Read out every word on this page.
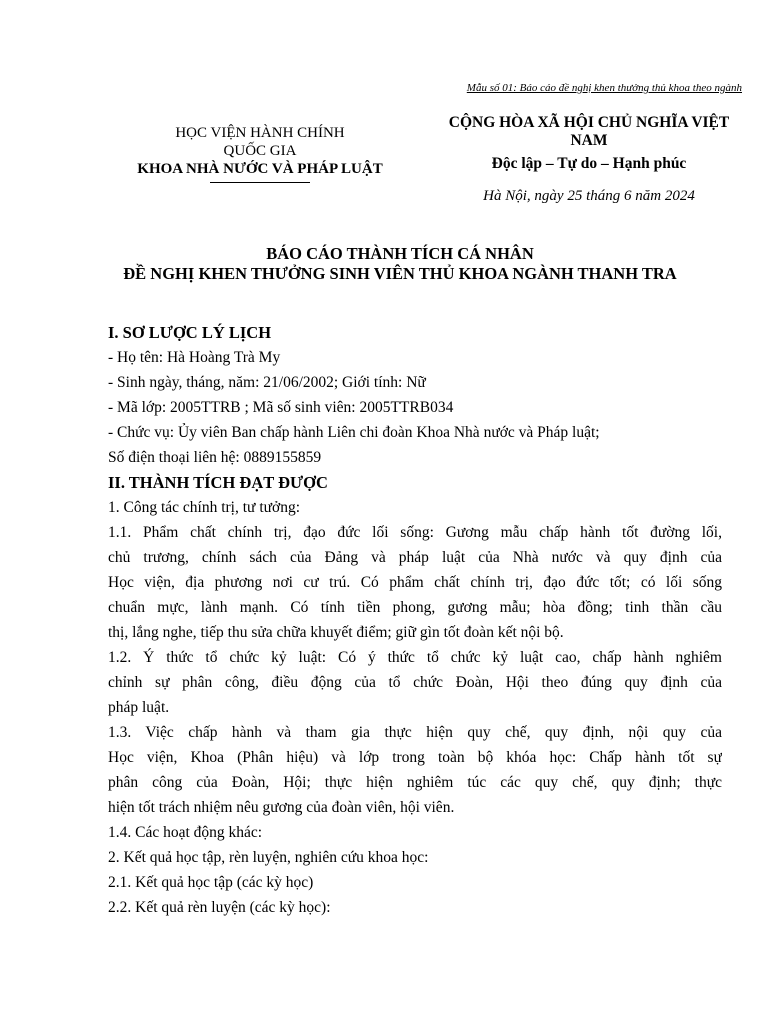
Mẫu số 01: Báo cáo đề nghị khen thưởng thủ khoa theo ngành
HỌC VIỆN HÀNH CHÍNH
QUỐC GIA
KHOA NHÀ NƯỚC VÀ PHÁP LUẬT
CỘNG HÒA XÃ HỘI CHỦ NGHĨA VIỆT
NAM
Độc lập – Tự do – Hạnh phúc
Hà Nội, ngày 25 tháng 6 năm 2024
BÁO CÁO THÀNH TÍCH CÁ NHÂN
ĐỀ NGHỊ KHEN THƯỞNG SINH VIÊN THỦ KHOA NGÀNH THANH TRA
I. SƠ LƯỢC LÝ LỊCH
- Họ tên: Hà Hoàng Trà My
- Sinh ngày, tháng, năm: 21/06/2002; Giới tính: Nữ
- Mã lớp: 2005TTRB ; Mã số sinh viên: 2005TTRB034
- Chức vụ: Ủy viên Ban chấp hành Liên chi đoàn Khoa Nhà nước và Pháp luật;
Số điện thoại liên hệ: 0889155859
II. THÀNH TÍCH ĐẠT ĐƯỢC
1. Công tác chính trị, tư tưởng:
1.1. Phẩm chất chính trị, đạo đức lối sống: Gương mẫu chấp hành tốt đường lối,
chủ trương, chính sách của Đảng và pháp luật của Nhà nước và quy định của
Học viện, địa phương nơi cư trú. Có phẩm chất chính trị, đạo đức tốt; có lối sống
chuẩn mực, lành mạnh. Có tính tiền phong, gương mẫu; hòa đồng; tinh thần cầu
thị, lắng nghe, tiếp thu sửa chữa khuyết điểm; giữ gìn tốt đoàn kết nội bộ.
1.2. Ý thức tổ chức kỷ luật: Có ý thức tổ chức kỷ luật cao, chấp hành nghiêm
chỉnh sự phân công, điều động của tổ chức Đoàn, Hội theo đúng quy định của
pháp luật.
1.3. Việc chấp hành và tham gia thực hiện quy chế, quy định, nội quy của
Học viện, Khoa (Phân hiệu) và lớp trong toàn bộ khóa học: Chấp hành tốt sự
phân công của Đoàn, Hội; thực hiện nghiêm túc các quy chế, quy định; thực
hiện tốt trách nhiệm nêu gương của đoàn viên, hội viên.
1.4. Các hoạt động khác:
2. Kết quả học tập, rèn luyện, nghiên cứu khoa học:
2.1. Kết quả học tập (các kỳ học)
2.2. Kết quả rèn luyện (các kỳ học):
